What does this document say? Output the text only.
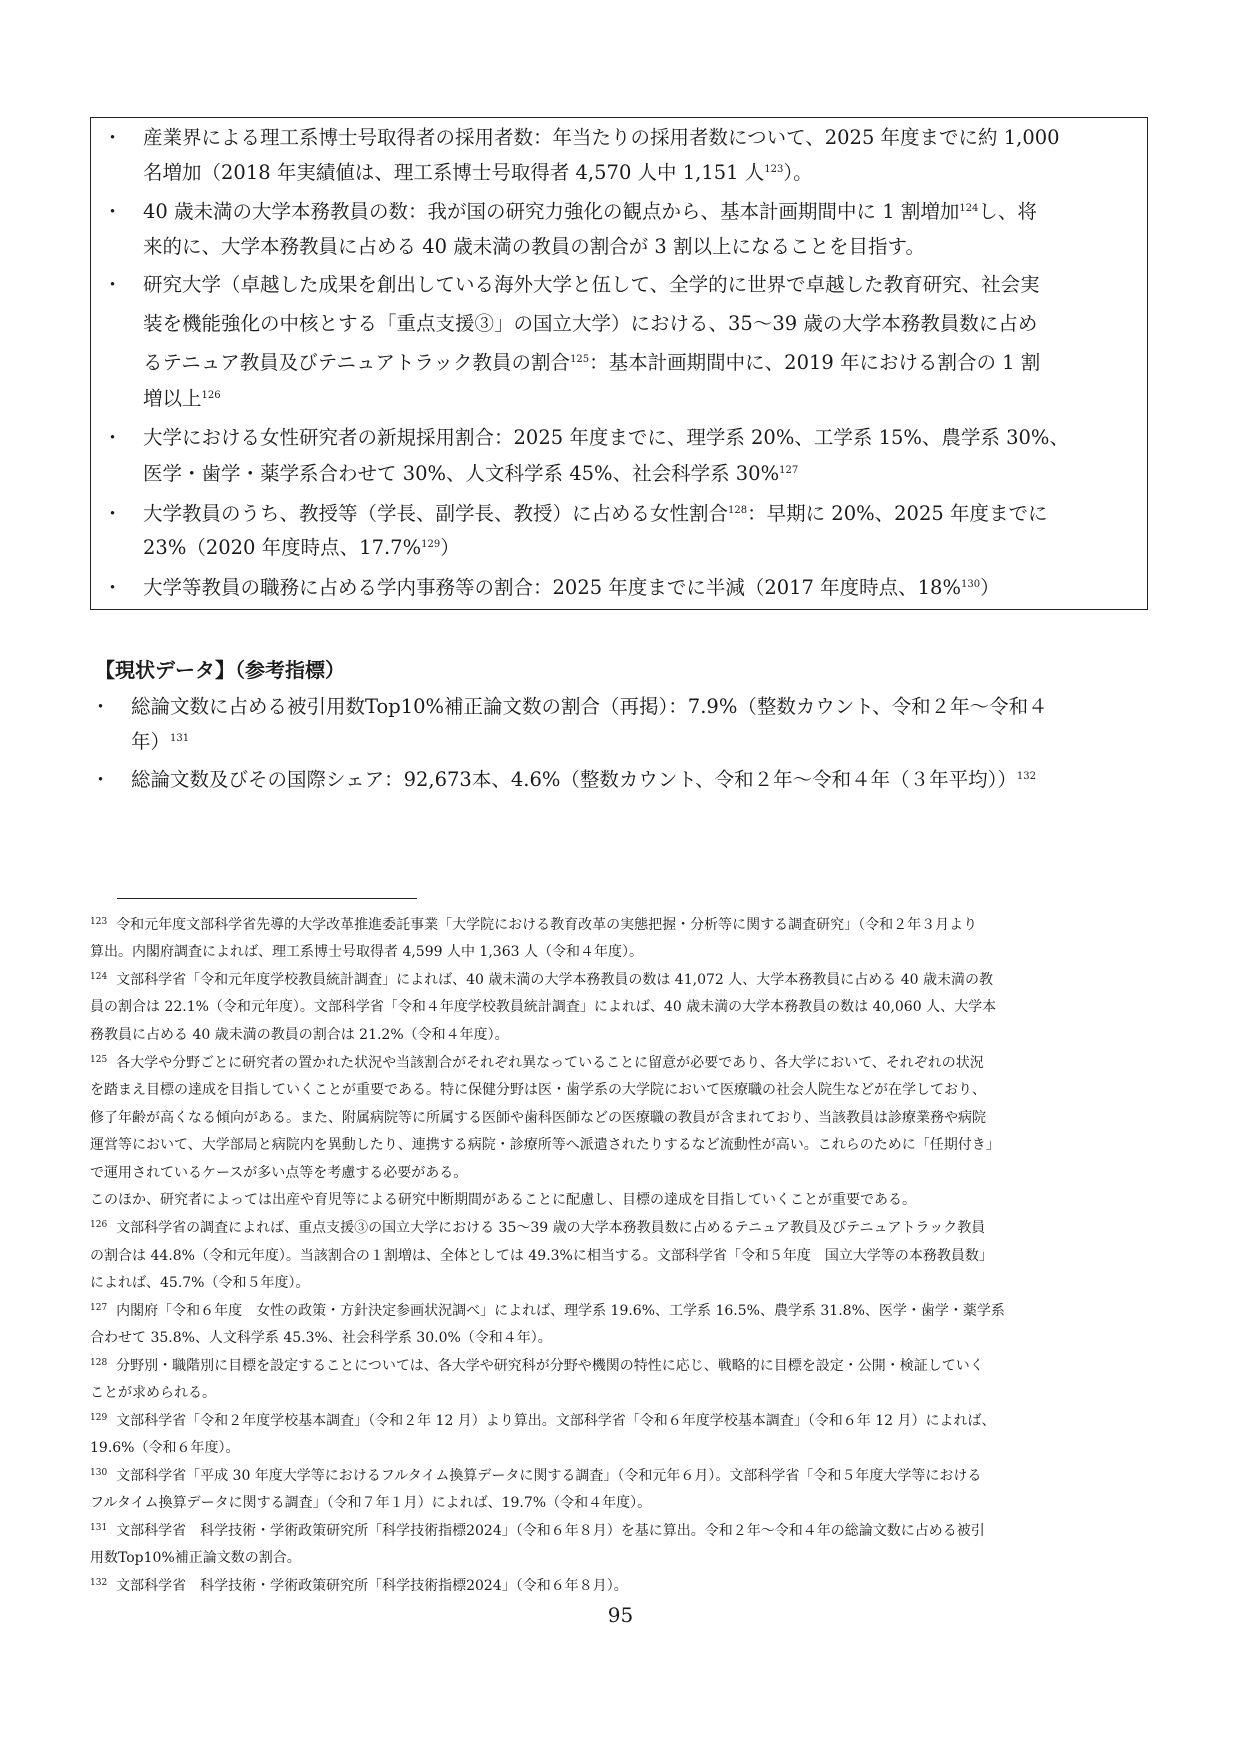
・ 産業界による理工系博士号取得者の採用者数：年当たりの採用者数について、2025 年度までに約 1,000
名増加（2018 年実績値は、理工系博士号取得者 4,570 人中 1,151 人$^{123}$）。
・ 40 歳未満の大学本務教員の数：我が国の研究力強化の観点から、基本計画期間中に 1 割増加$^{124}$し、将
来的に、大学本務教員に占める 40 歳未満の教員の割合が 3 割以上になることを目指す。
・ 研究大学（卓越した成果を創出している海外大学と伍して、全学的に世界で卓越した教育研究、社会実
装を機能強化の中核とする「重点支援③」の国立大学）における、35～39 歳の大学本務教員数に占め
るテニュア教員及びテニュアトラック教員の割合$^{125}$：基本計画期間中に、2019 年における割合の 1 割
増以上$^{126}$
・ 大学における女性研究者の新規採用割合：2025 年度までに、理学系 20%、工学系 15%、農学系 30%、
医学・歯学・薬学系合わせて 30%、人文科学系 45%、社会科学系 30%$^{127}$
・ 大学教員のうち、教授等（学長、副学長、教授）に占める女性割合$^{128}$：早期に 20%、2025 年度までに
23%（2020 年度時点、17.7%$^{129}$）
・ 大学等教員の職務に占める学内事務等の割合：2025 年度までに半減（2017 年度時点、18%$^{130}$）
【現状データ】（参考指標）
・ 総論文数に占める被引用数Top10%補正論文数の割合（再掲）：7.9%（整数カウント、令和２年～令和４
年）$^{131}$
・ 総論文数及びその国際シェア：92,673本、4.6%（整数カウント、令和２年～令和４年（３年平均））$^{132}$
$^{123}$ 令和元年度文部科学省先導的大学改革推進委託事業「大学院における教育改革の実態把握・分析等に関する調査研究」（令和２年３月より
算出。内閣府調査によれば、理工系博士号取得者 4,599 人中 1,363 人（令和４年度）。
$^{124}$ 文部科学省「令和元年度学校教員統計調査」によれば、40 歳未満の大学本務教員の数は 41,072 人、大学本務教員に占める 40 歳未満の教
員の割合は 22.1%（令和元年度）。文部科学省「令和４年度学校教員統計調査」によれば、40 歳未満の大学本務教員の数は 40,060 人、大学本
務教員に占める 40 歳未満の教員の割合は 21.2%（令和４年度）。
$^{125}$ 各大学や分野ごとに研究者の置かれた状況や当該割合がそれぞれ異なっていることに留意が必要であり、各大学において、それぞれの状況
を踏まえ目標の達成を目指していくことが重要である。特に保健分野は医・歯学系の大学院において医療職の社会人院生などが在学しており、
修了年齢が高くなる傾向がある。また、附属病院等に所属する医師や歯科医師などの医療職の教員が含まれており、当該教員は診療業務や病院
運営等において、大学部局と病院内を異動したり、連携する病院・診療所等へ派遣されたりするなど流動性が高い。これらのために「任期付き」
で運用されているケースが多い点等を考慮する必要がある。
このほか、研究者によっては出産や育児等による研究中断期間があることに配慮し、目標の達成を目指していくことが重要である。
$^{126}$ 文部科学省の調査によれば、重点支援③の国立大学における 35～39 歳の大学本務教員数に占めるテニュア教員及びテニュアトラック教員
の割合は 44.8%（令和元年度）。当該割合の１割増は、全体としては 49.3%に相当する。文部科学省「令和５年度　国立大学等の本務教員数」
によれば、45.7%（令和５年度）。
$^{127}$ 内閣府「令和６年度　女性の政策・方針決定参画状況調べ」によれば、理学系 19.6%、工学系 16.5%、農学系 31.8%、医学・歯学・薬学系
合わせて 35.8%、人文科学系 45.3%、社会科学系 30.0%（令和４年）。
$^{128}$ 分野別・職階別に目標を設定することについては、各大学や研究科が分野や機関の特性に応じ、戦略的に目標を設定・公開・検証していく
ことが求められる。
$^{129}$ 文部科学省「令和２年度学校基本調査」（令和２年 12 月）より算出。文部科学省「令和６年度学校基本調査」（令和６年 12 月）によれば、
19.6%（令和６年度）。
$^{130}$ 文部科学省「平成 30 年度大学等におけるフルタイム換算データに関する調査」（令和元年６月）。文部科学省「令和５年度大学等における
フルタイム換算データに関する調査」（令和７年１月）によれば、19.7%（令和４年度）。
$^{131}$ 文部科学省　科学技術・学術政策研究所「科学技術指標2024」（令和６年８月）を基に算出。令和２年～令和４年の総論文数に占める被引
用数Top10%補正論文数の割合。
$^{132}$ 文部科学省　科学技術・学術政策研究所「科学技術指標2024」（令和６年８月）。
95
